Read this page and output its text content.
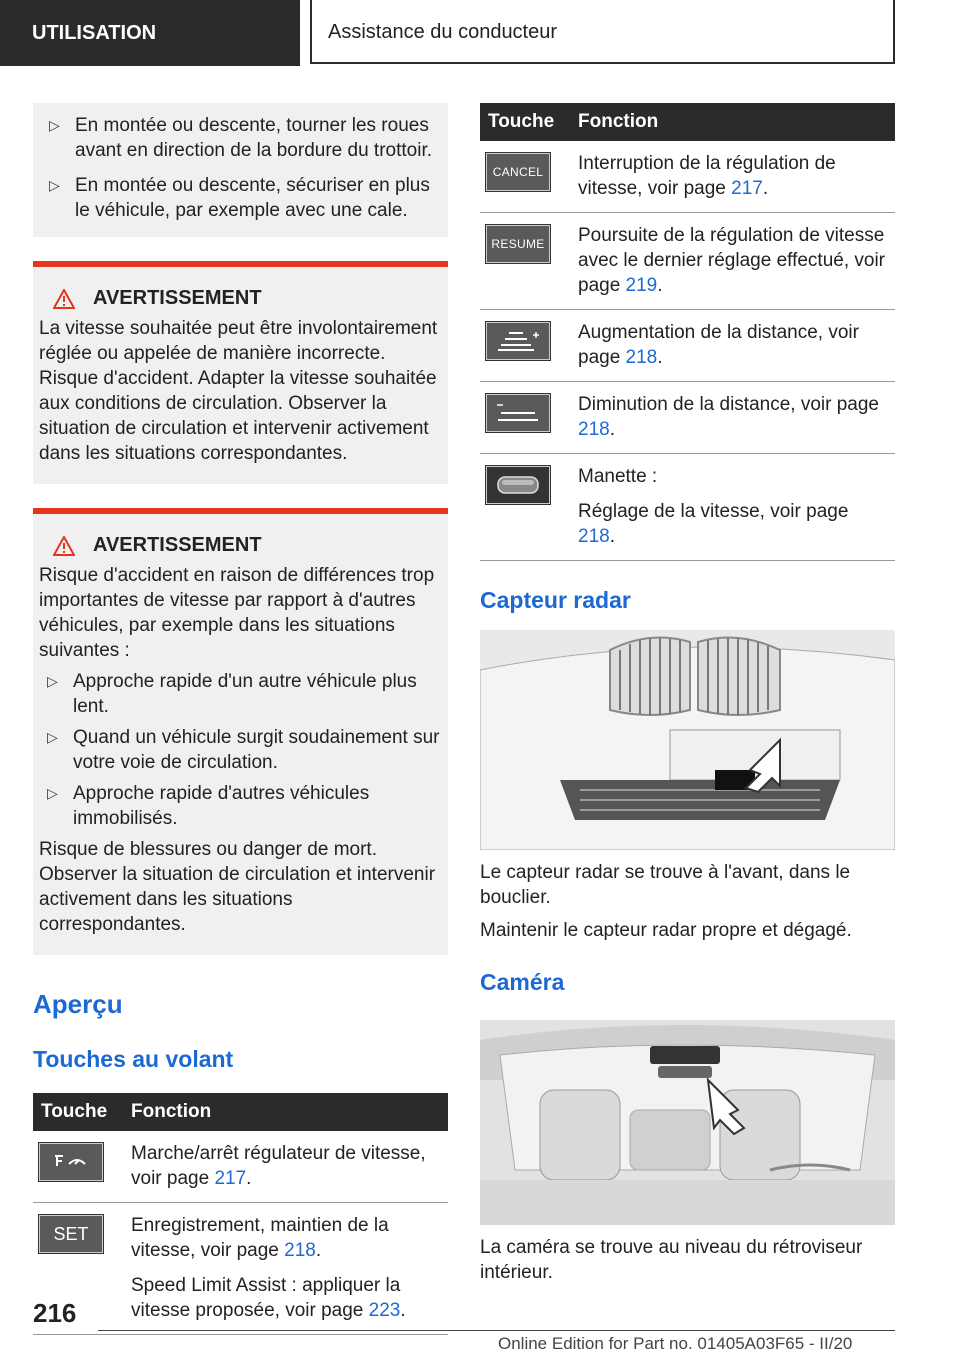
UTILISATION	Assistance du conducteur
▷ En montée ou descente, tourner les roues avant en direction de la bordure du trottoir.
▷ En montée ou descente, sécuriser en plus le véhicule, par exemple avec une cale.
AVERTISSEMENT

La vitesse souhaitée peut être involontairement réglée ou appelée de manière incorrecte. Risque d'accident. Adapter la vitesse souhaitée aux conditions de circulation. Observer la situation de circulation et intervenir activement dans les situations correspondantes.

AVERTISSEMENT

Risque d'accident en raison de différences trop importantes de vitesse par rapport à d'autres véhicules, par exemple dans les situations suivantes :

▷ Approche rapide d'un autre véhicule plus lent.
▷ Quand un véhicule surgit soudainement sur votre voie de circulation.
▷ Approche rapide d'autres véhicules immobilisés.

Risque de blessures ou danger de mort. Observer la situation de circulation et intervenir activement dans les situations correspondantes.

Aperçu
Touches au volant
Touche	Fonction

	Marche/arrêt régulateur de vitesse, voir page 217.

SET	Enregistrement, maintien de la vitesse, voir page 218.

Speed Limit Assist : appliquer la vitesse proposée, voir page 223.

Touche	Fonction

CANCEL	Interruption de la régulation de vitesse, voir page 217.

RESUME	Poursuite de la régulation de vitesse avec le dernier réglage effectué, voir page 219.

	Augmentation de la distance, voir page 218.

	Diminution de la distance, voir page 218.

Manette :

Réglage de la vitesse, voir page 218.

Capteur radar

Le capteur radar se trouve à l'avant, dans le bouclier.

Maintenir le capteur radar propre et dégagé.

Caméra

La caméra se trouve au niveau du rétroviseur intérieur.

216
Online Edition for Part no. 01405A03F65 - II/20
